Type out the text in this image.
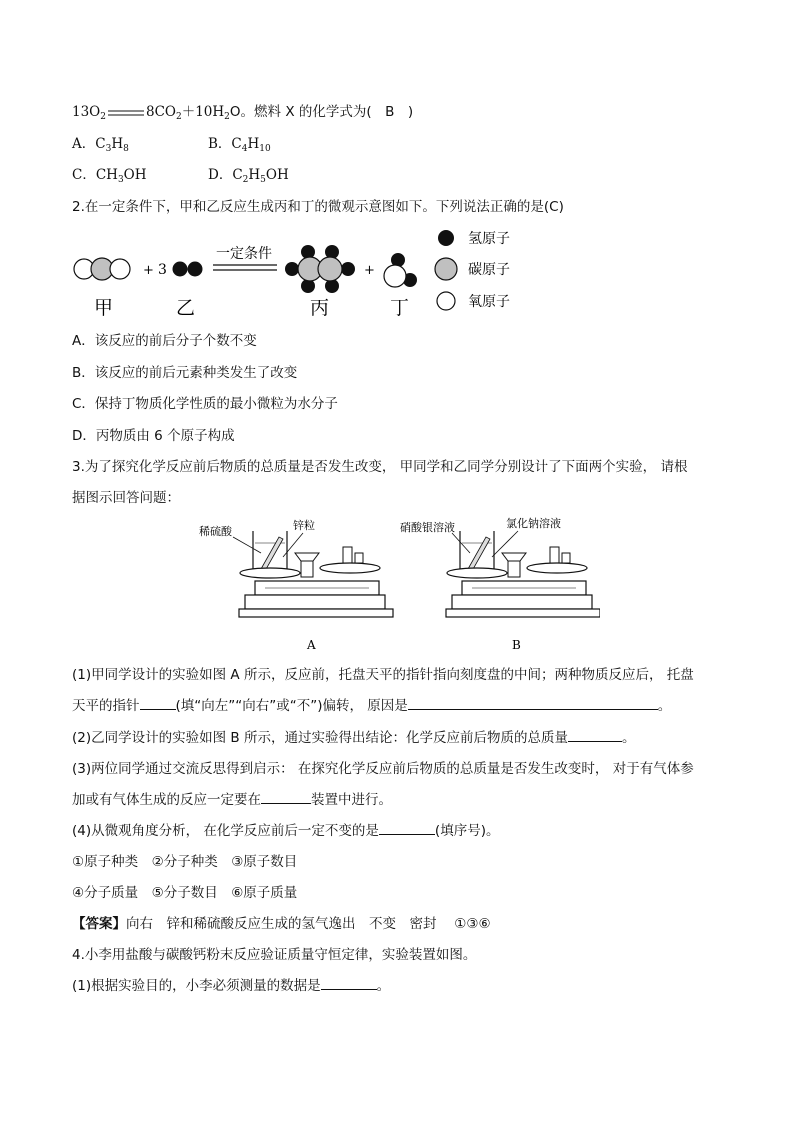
$13O_2$	$8CO_2+10H_2O$。燃料 X 的化学式为(　B　)
A．$C_3H_8$	B．$C_4H_{10}$
C．$CH_3OH$	D．$C_2H_5OH$
2.在一定条件下，甲和乙反应生成丙和丁的微观示意图如下。下列说法正确的是(C)
+ 3
一定条件
+
甲	乙	丙	丁
氢原子
碳原子
氧原子
A．该反应的前后分子个数不变
B．该反应的前后元素种类发生了改变
C．保持丁物质化学性质的最小微粒为水分子
D．丙物质由 6 个原子构成
3.为了探究化学反应前后物质的总质量是否发生改变， 甲同学和乙同学分别设计了下面两个实验， 请根
据图示回答问题：
稀硫酸	锌粒
A
硝酸银溶液	氯化钠溶液
B
(1)甲同学设计的实验如图 A 所示，反应前，托盘天平的指针指向刻度盘的中间；两种物质反应后， 托盘
天平的指针	(填“向左”“向右”或“不”)偏转， 原因是	。
(2)乙同学设计的实验如图 B 所示，通过实验得出结论：化学反应前后物质的总质量	。
(3)两位同学通过交流反思得到启示： 在探究化学反应前后物质的总质量是否发生改变时， 对于有气体参
加或有气体生成的反应一定要在	装置中进行。
(4)从微观角度分析， 在化学反应前后一定不变的是	(填序号)。
①原子种类　②分子种类　③原子数目
④分子质量　⑤分子数目　⑥原子质量
【答案】向右　锌和稀硫酸反应生成的氢气逸出　不变　密封　 ①③⑥
4.小李用盐酸与碳酸钙粉末反应验证质量守恒定律，实验装置如图。
(1)根据实验目的，小李必须测量的数据是	。
